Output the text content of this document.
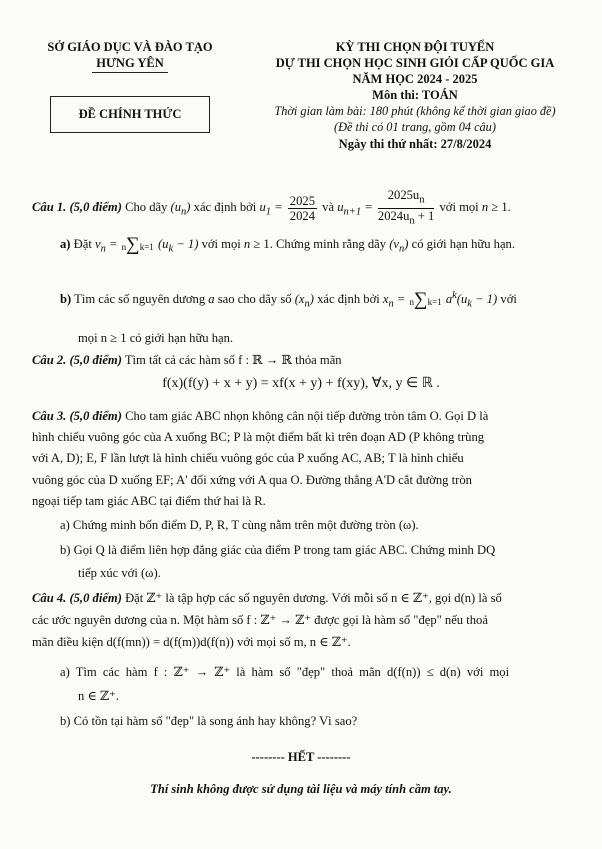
SỞ GIÁO DỤC VÀ ĐÀO TẠO
HƯNG YÊN
ĐỀ CHÍNH THỨC
KỲ THI CHỌN ĐỘI TUYỂN
DỰ THI CHỌN HỌC SINH GIỎI CẤP QUỐC GIA
NĂM HỌC 2024 - 2025
Môn thi: TOÁN
Thời gian làm bài: 180 phút (không kể thời gian giao đề)
(Đề thi có 01 trang, gồm 04 câu)
Ngày thi thứ nhất: 27/8/2024
Câu 1. (5,0 điểm) Cho dãy $(u_n)$ xác định bởi $u_1 = \frac{2025}{2024}$ và $u_{n+1} = \frac{2025u_n}{2024u_n + 1}$ với mọi n ≥ 1.
a) Đặt $v_n = n\sum k=1$ $(u_k - 1)$ với mọi n ≥ 1. Chứng minh rằng dãy $(v_n)$ có giới hạn hữu hạn.
b) Tìm các số nguyên dương a sao cho dãy số $(x_n)$ xác định bởi $x_n = n\sum k=1$ $a^k(u_k - 1)$ với
mọi n ≥ 1 có giới hạn hữu hạn.
Câu 2. (5,0 điểm) Tìm tất cả các hàm số f : ℝ → ℝ thỏa mãn
f(x)(f(y) + x + y) = xf(x + y) + f(xy), ∀x, y ∈ ℝ .
Câu 3. (5,0 điểm) Cho tam giác ABC nhọn không cân nội tiếp đường tròn tâm O. Gọi D là
hình chiếu vuông góc của A xuống BC; P là một điểm bất kì trên đoạn AD (P không trùng
với A, D); E, F lần lượt là hình chiếu vuông góc của P xuống AC, AB; T là hình chiếu
vuông góc của D xuống EF; A' đối xứng với A qua O. Đường thẳng A'D cắt đường tròn
ngoại tiếp tam giác ABC tại điểm thứ hai là R.
a) Chứng minh bốn điểm D, P, R, T cùng nằm trên một đường tròn (ω).
b) Gọi Q là điểm liên hợp đẳng giác của điểm P trong tam giác ABC. Chứng minh DQ
tiếp xúc với (ω).
Câu 4. (5,0 điểm) Đặt ℤ⁺ là tập hợp các số nguyên dương. Với mỗi số n ∈ ℤ⁺, gọi d(n) là số
các ước nguyên dương của n. Một hàm số f : ℤ⁺ → ℤ⁺ được gọi là hàm số "đẹp" nếu thoả
mãn điều kiện d(f(mn)) = d(f(m))d(f(n)) với mọi số m, n ∈ ℤ⁺.
a) Tìm các hàm f : ℤ⁺ → ℤ⁺ là hàm số "đẹp" thoả mãn d(f(n)) ≤ d(n) với mọi
n ∈ ℤ⁺.
b) Có tồn tại hàm số "đẹp" là song ánh hay không? Vì sao?
-------- HẾT --------
Thí sinh không được sử dụng tài liệu và máy tính cầm tay.
